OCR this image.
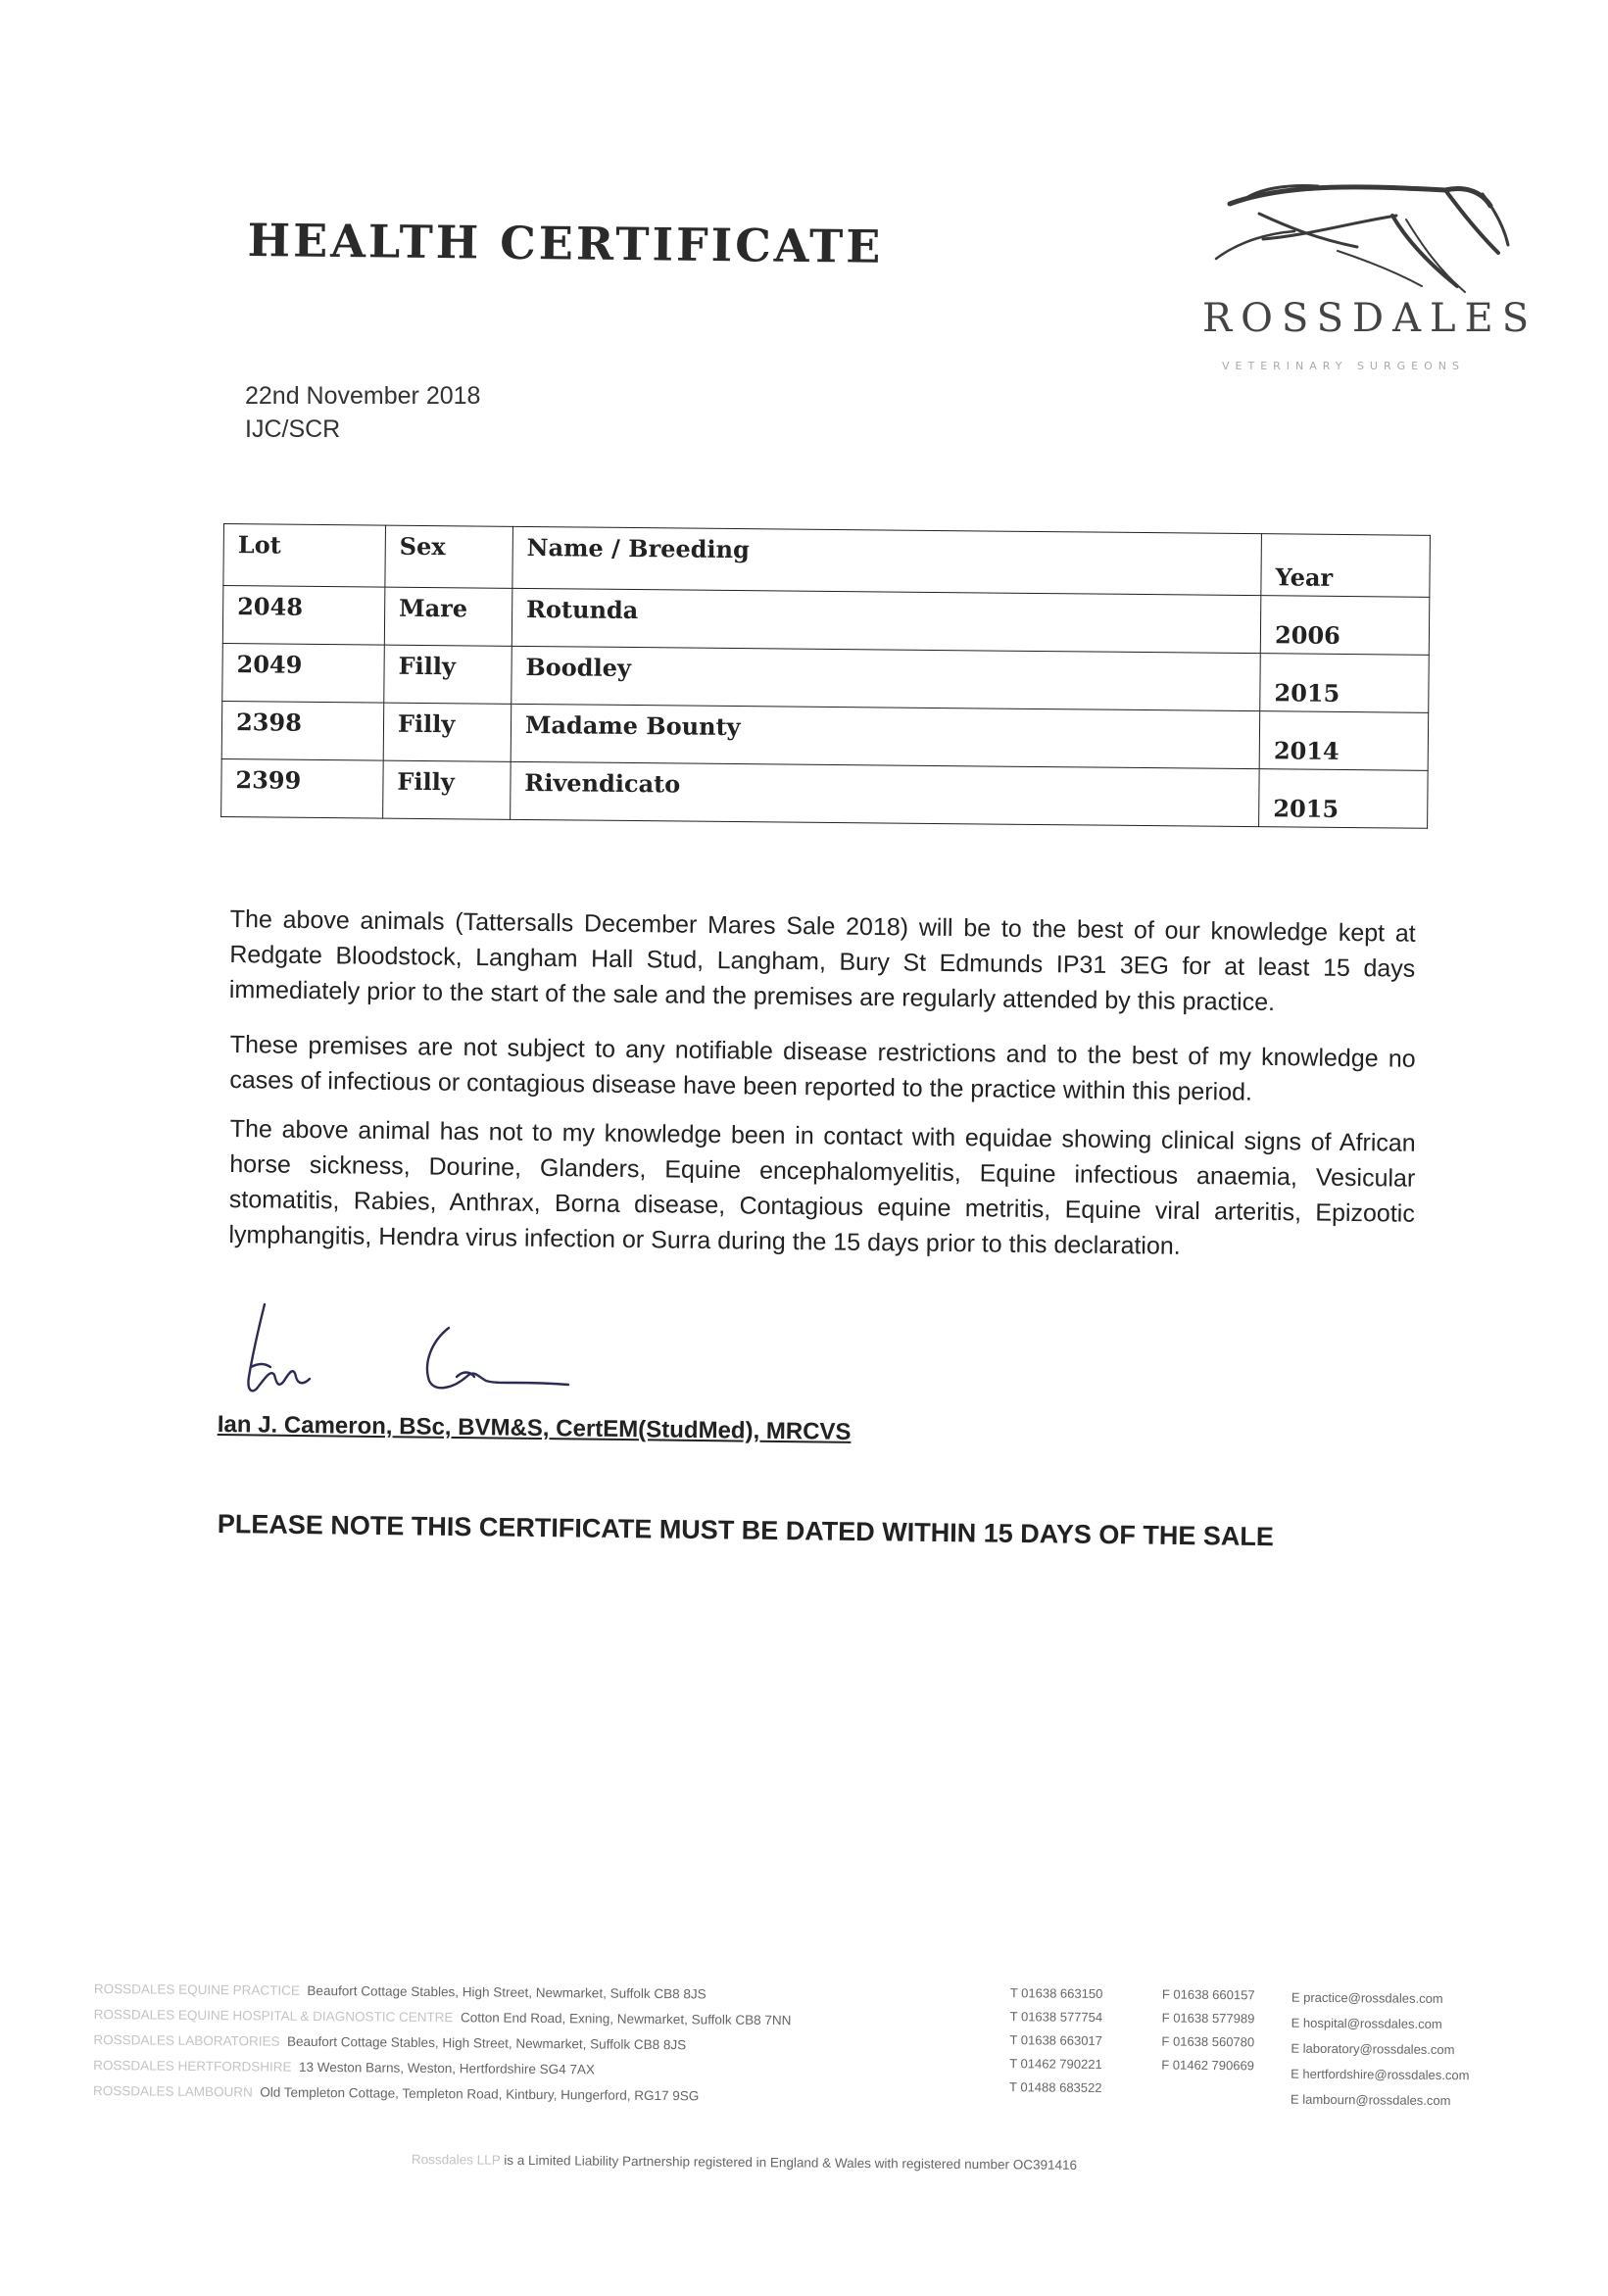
HEALTH CERTIFICATE
ROSSDALES
VETERINARY SURGEONS
22nd November 2018
IJC/SCR
Lot	Sex	Name / Breeding	Year
2048	Mare	Rotunda	2006
2049	Filly	Boodley	2015
2398	Filly	Madame Bounty	2014
2399	Filly	Rivendicato	2015
The above animals (Tattersalls December Mares Sale 2018) will be to the best of our knowledge kept at Redgate Bloodstock, Langham Hall Stud, Langham, Bury St Edmunds IP31 3EG for at least 15 days immediately prior to the start of the sale and the premises are regularly attended by this practice.
These premises are not subject to any notifiable disease restrictions and to the best of my knowledge no cases of infectious or contagious disease have been reported to the practice within this period.
The above animal has not to my knowledge been in contact with equidae showing clinical signs of African horse sickness, Dourine, Glanders, Equine encephalomyelitis, Equine infectious anaemia, Vesicular stomatitis, Rabies, Anthrax, Borna disease, Contagious equine metritis, Equine viral arteritis, Epizootic lymphangitis, Hendra virus infection or Surra during the 15 days prior to this declaration.
Ian J. Cameron, BSc, BVM&S, CertEM(StudMed), MRCVS
PLEASE NOTE THIS CERTIFICATE MUST BE DATED WITHIN 15 DAYS OF THE SALE
ROSSDALES EQUINE PRACTICE Beaufort Cottage Stables, High Street, Newmarket, Suffolk CB8 8JS
ROSSDALES EQUINE HOSPITAL & DIAGNOSTIC CENTRE Cotton End Road, Exning, Newmarket, Suffolk CB8 7NN
ROSSDALES LABORATORIES Beaufort Cottage Stables, High Street, Newmarket, Suffolk CB8 8JS
ROSSDALES HERTFORDSHIRE 13 Weston Barns, Weston, Hertfordshire SG4 7AX
ROSSDALES LAMBOURN Old Templeton Cottage, Templeton Road, Kintbury, Hungerford, RG17 9SG
T 01638 663150
T 01638 577754
T 01638 663017
T 01462 790221
T 01488 683522
F 01638 660157
F 01638 577989
F 01638 560780
F 01462 790669
E practice@rossdales.com
E hospital@rossdales.com
E laboratory@rossdales.com
E hertfordshire@rossdales.com
E lambourn@rossdales.com
Rossdales LLP is a Limited Liability Partnership registered in England & Wales with registered number OC391416
